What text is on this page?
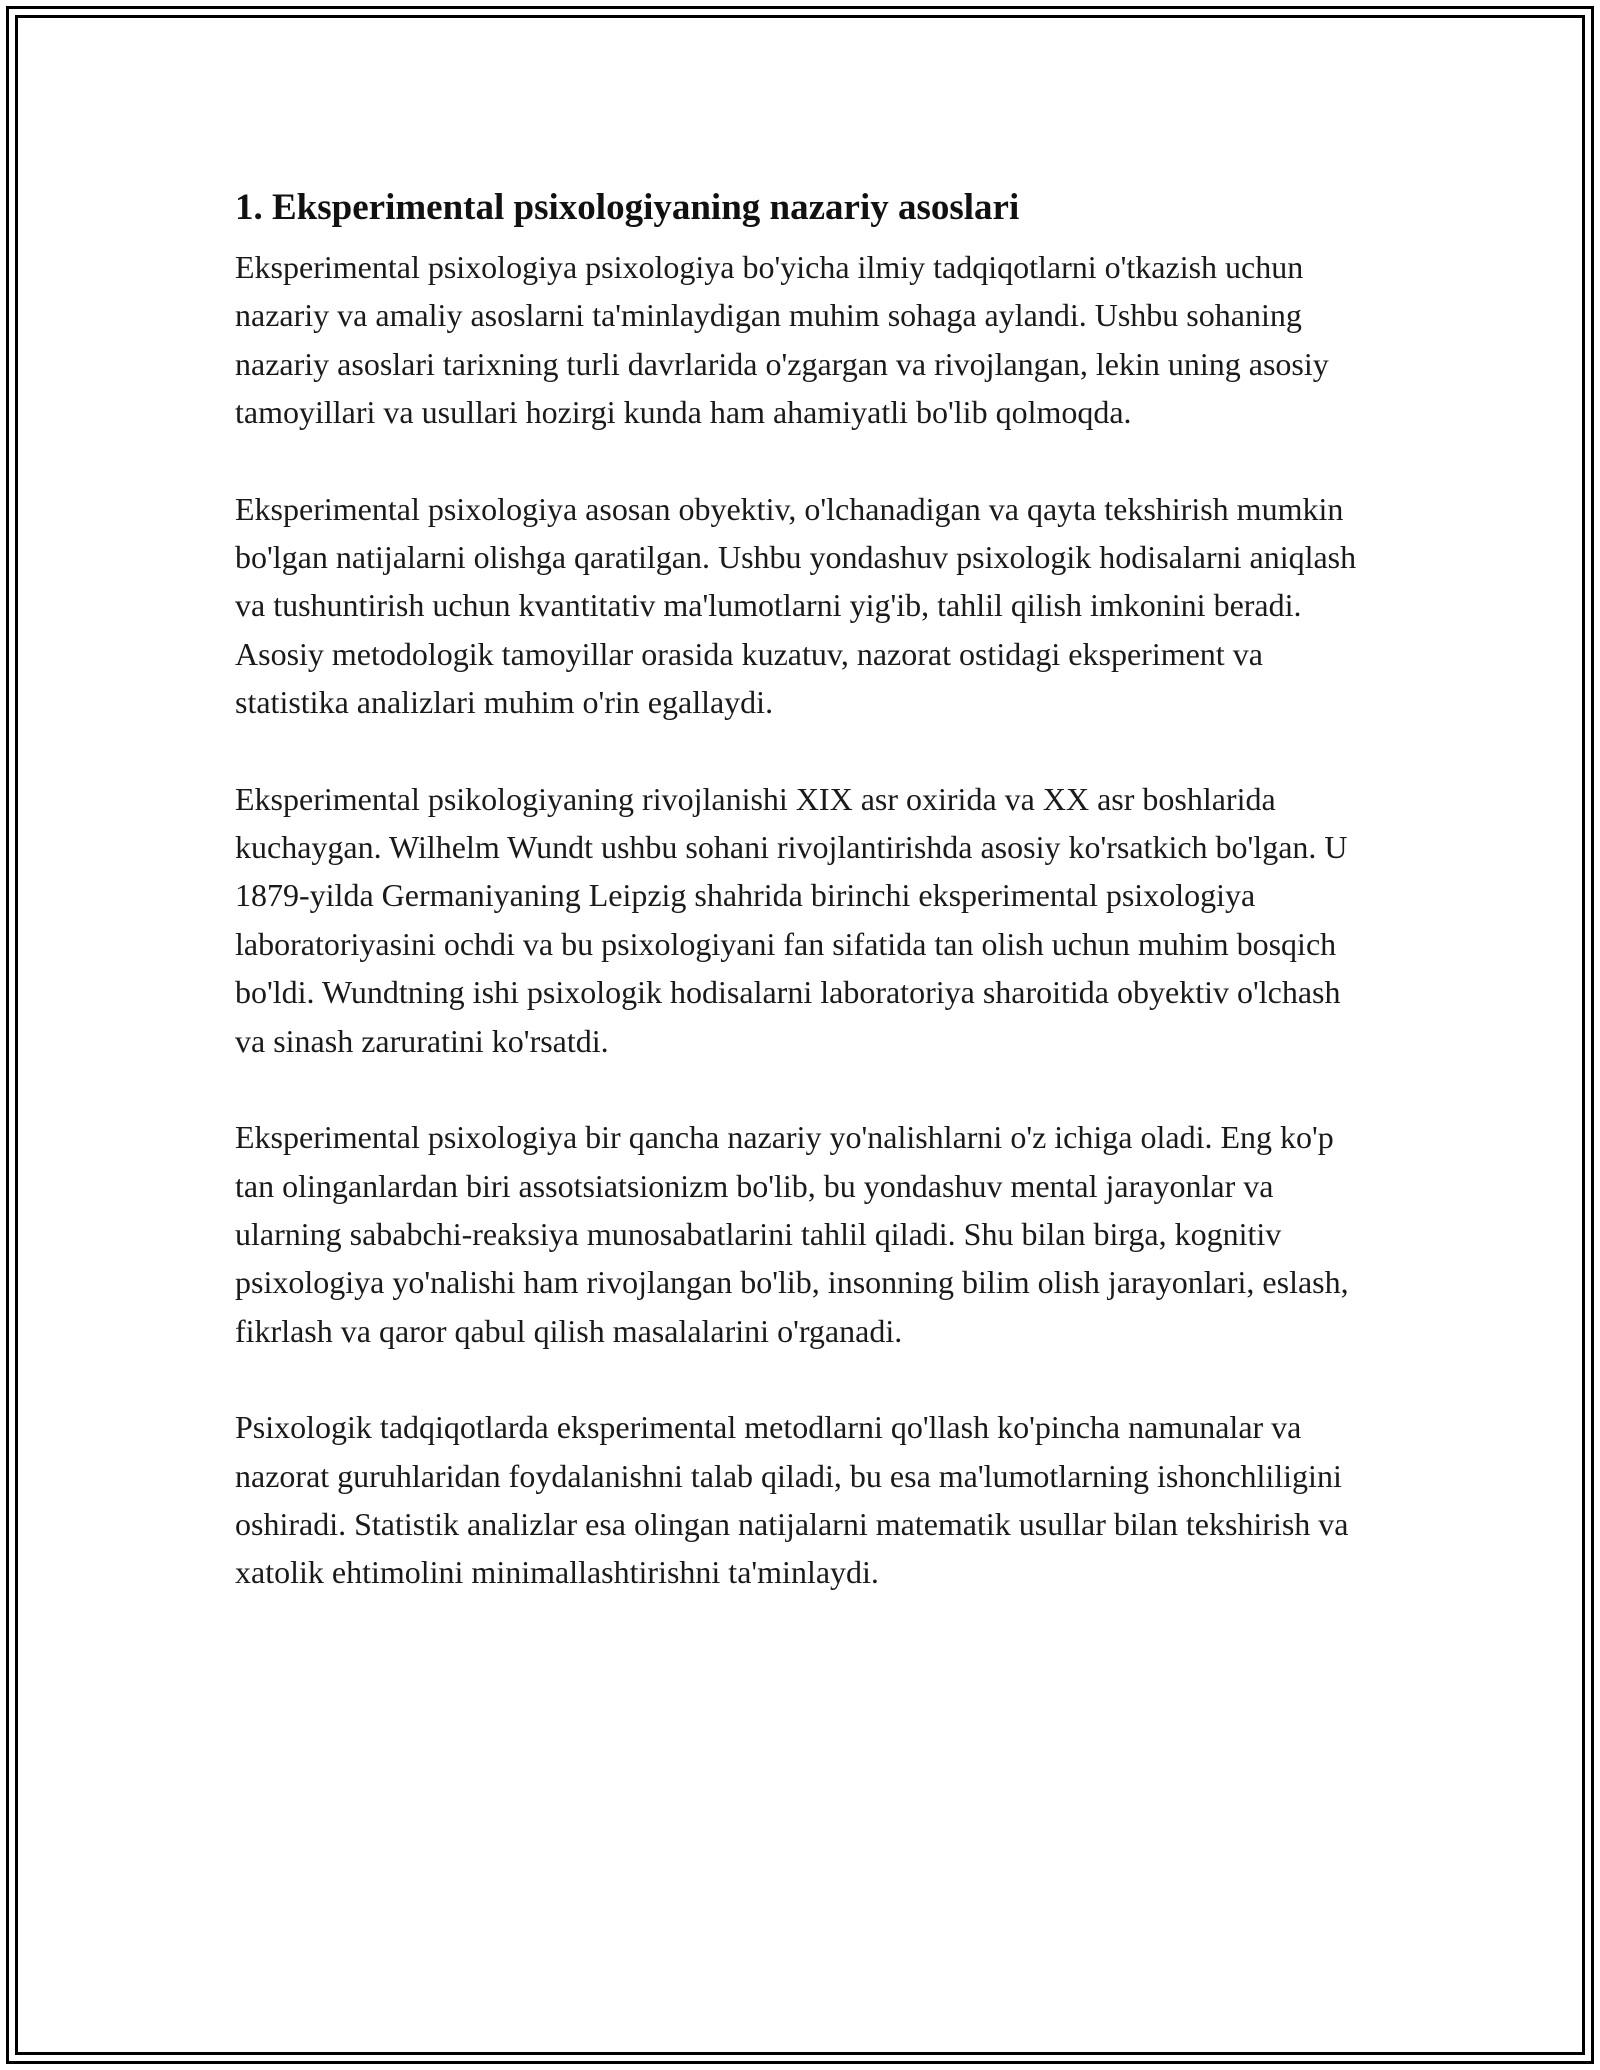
1. Eksperimental psixologiyaning nazariy asoslari

Eksperimental psixologiya psixologiya bo'yicha ilmiy tadqiqotlarni o'tkazish uchun nazariy va amaliy asoslarni ta'minlaydigan muhim sohaga aylandi. Ushbu sohaning nazariy asoslari tarixning turli davrlarida o'zgargan va rivojlangan, lekin uning asosiy tamoyillari va usullari hozirgi kunda ham ahamiyatli bo'lib qolmoqda.

Eksperimental psixologiya asosan obyektiv, o'lchanadigan va qayta tekshirish mumkin bo'lgan natijalarni olishga qaratilgan. Ushbu yondashuv psixologik hodisalarni aniqlash va tushuntirish uchun kvantitativ ma'lumotlarni yig'ib, tahlil qilish imkonini beradi. Asosiy metodologik tamoyillar orasida kuzatuv, nazorat ostidagi eksperiment va statistika analizlari muhim o'rin egallaydi.

Eksperimental psikologiyaning rivojlanishi XIX asr oxirida va XX asr boshlarida kuchaygan. Wilhelm Wundt ushbu sohani rivojlantirishda asosiy ko'rsatkich bo'lgan. U 1879-yilda Germaniyaning Leipzig shahrida birinchi eksperimental psixologiya laboratoriyasini ochdi va bu psixologiyani fan sifatida tan olish uchun muhim bosqich bo'ldi. Wundtning ishi psixologik hodisalarni laboratoriya sharoitida obyektiv o'lchash va sinash zaruratini ko'rsatdi.

Eksperimental psixologiya bir qancha nazariy yo'nalishlarni o'z ichiga oladi. Eng ko'p tan olinganlardan biri assotsiatsionizm bo'lib, bu yondashuv mental jarayonlar va ularning sababchi-reaksiya munosabatlarini tahlil qiladi. Shu bilan birga, kognitiv psixologiya yo'nalishi ham rivojlangan bo'lib, insonning bilim olish jarayonlari, eslash, fikrlash va qaror qabul qilish masalalarini o'rganadi.

Psixologik tadqiqotlarda eksperimental metodlarni qo'llash ko'pincha namunalar va nazorat guruhlaridan foydalanishni talab qiladi, bu esa ma'lumotlarning ishonchliligini oshiradi. Statistik analizlar esa olingan natijalarni matematik usullar bilan tekshirish va xatolik ehtimolini minimallashtirishni ta'minlaydi.
